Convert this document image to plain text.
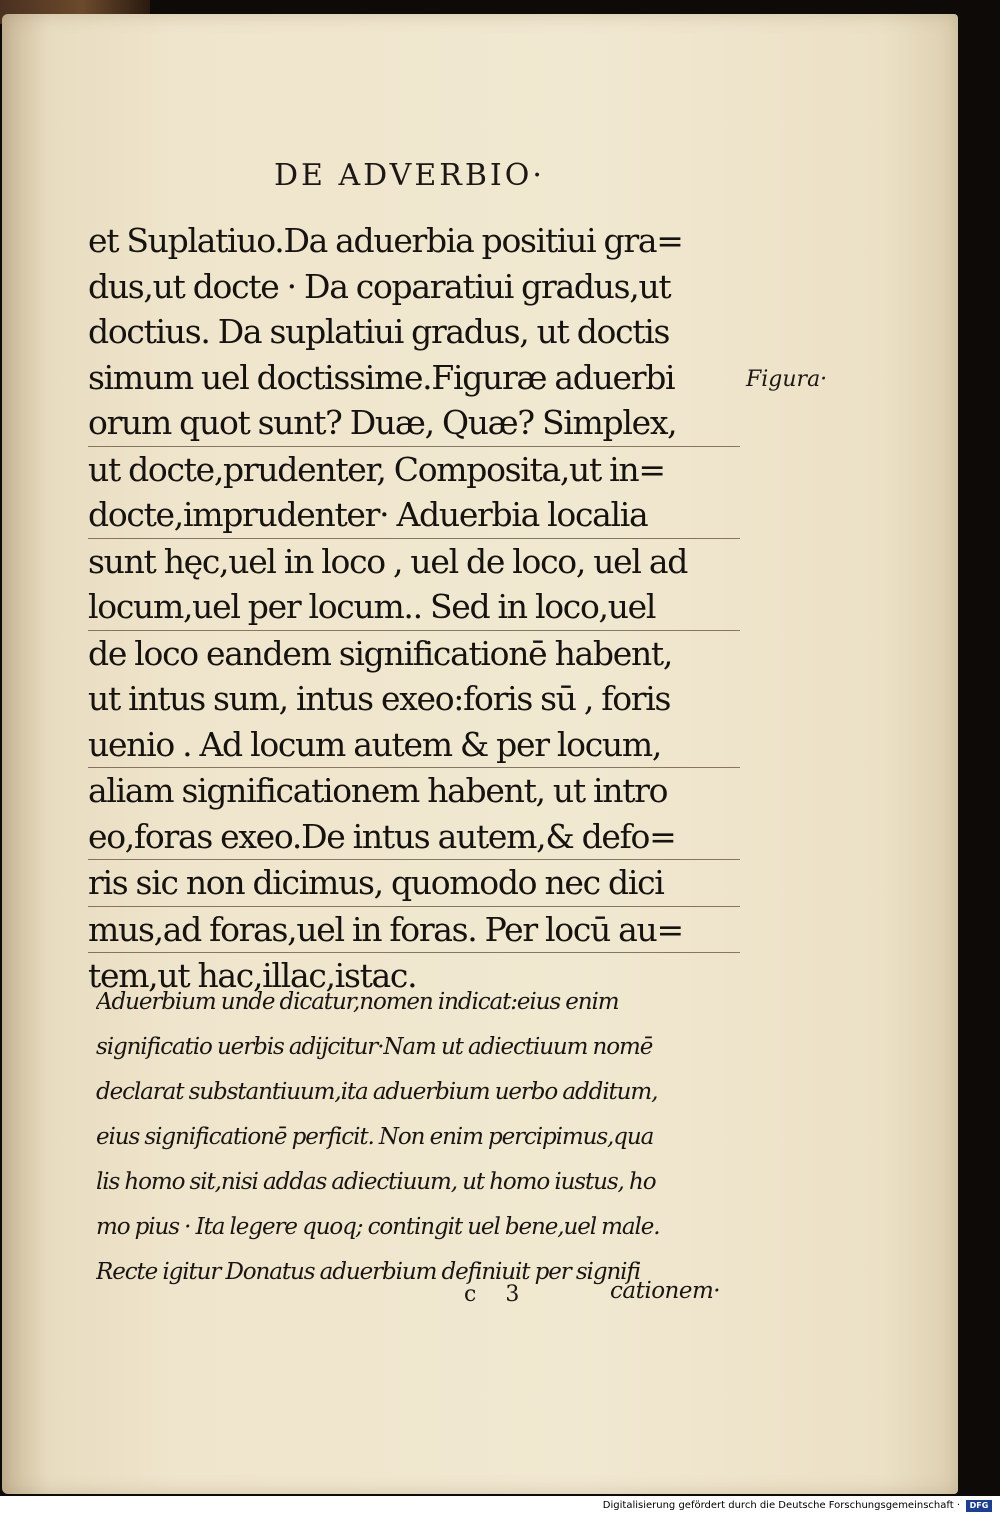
DE ADVERBIO·
et Suplatiuo.Da aduerbia positiui gra=
dus,ut docte · Da coparatiui gradus,ut
doctius. Da suplatiui gradus, ut doctis
simum uel doctissime.Figuræ aduerbi
orum quot sunt? Duæ, Quæ? Simplex,
ut docte,prudenter, Composita,ut in=
docte,imprudenter· Aduerbia localia
sunt hęc,uel in loco , uel de loco, uel ad
locum,uel per locum.. Sed in loco,uel
de loco eandem significationē habent,
ut intus sum, intus exeo:foris sū , foris
uenio . Ad locum autem & per locum,
aliam significationem habent, ut intro
eo,foras exeo.De intus autem,& defo=
ris sic non dicimus, quomodo nec dici
mus,ad foras,uel in foras. Per locū au=
tem,ut hac,illac,istac.
Figura·
Aduerbium unde dicatur,nomen indicat:eius enim
significatio uerbis adijcitur·Nam ut adiectiuum nomē
declarat substantiuum,ita aduerbium uerbo additum,
eius significationē perficit. Non enim percipimus,qua
lis homo sit,nisi addas adiectiuum, ut homo iustus, ho
mo pius · Ita legere quoq; contingit uel bene,uel male.
Recte igitur Donatus aduerbium definiuit per signifi
c 3	cationem·
Digitalisierung gefördert durch die Deutsche Forschungsgemeinschaft ·	DFG
